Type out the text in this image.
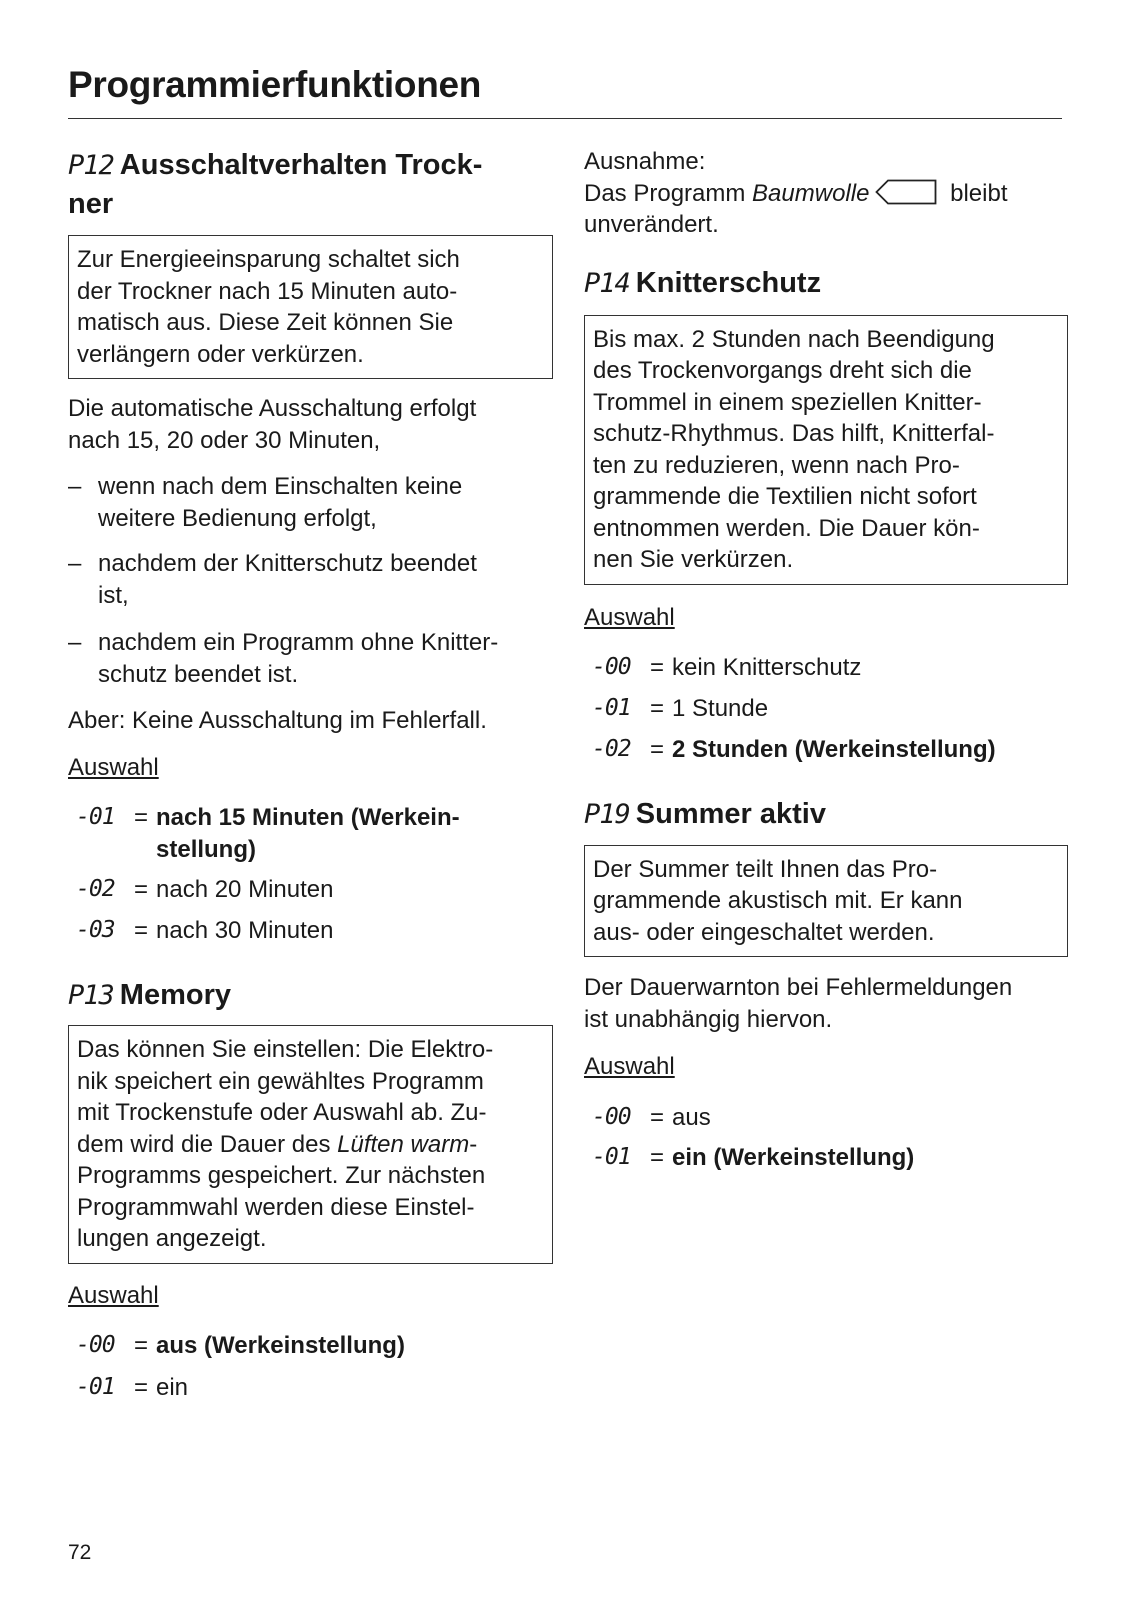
Programmierfunktionen
P12 Ausschaltverhalten Trock-
ner
Zur Energieeinsparung schaltet sich
der Trockner nach 15 Minuten auto-
matisch aus. Diese Zeit können Sie
verlängern oder verkürzen.
Die automatische Ausschaltung erfolgt
nach 15, 20 oder 30 Minuten,
– wenn nach dem Einschalten keine
weitere Bedienung erfolgt,
– nachdem der Knitterschutz beendet
ist,
– nachdem ein Programm ohne Knitter-
schutz beendet ist.
Aber: Keine Ausschaltung im Fehlerfall.
Auswahl
-01 = nach 15 Minuten (Werkein-
stellung)
-02 = nach 20 Minuten
-03 = nach 30 Minuten
P13 Memory
Das können Sie einstellen: Die Elektro-
nik speichert ein gewähltes Programm
mit Trockenstufe oder Auswahl ab. Zu-
dem wird die Dauer des Lüften warm-
Programms gespeichert. Zur nächsten
Programmwahl werden diese Einstel-
lungen angezeigt.
Auswahl
-00 = aus (Werkeinstellung)
-01 = ein
Ausnahme:
Das Programm Baumwolle	bleibt
unverändert.
P14 Knitterschutz
Bis max. 2 Stunden nach Beendigung
des Trockenvorgangs dreht sich die
Trommel in einem speziellen Knitter-
schutz-Rhythmus. Das hilft, Knitterfal-
ten zu reduzieren, wenn nach Pro-
grammende die Textilien nicht sofort
entnommen werden. Die Dauer kön-
nen Sie verkürzen.
Auswahl
-00 = kein Knitterschutz
-01 = 1 Stunde
-02 = 2 Stunden (Werkeinstellung)
P19 Summer aktiv
Der Summer teilt Ihnen das Pro-
grammende akustisch mit. Er kann
aus- oder eingeschaltet werden.
Der Dauerwarnton bei Fehlermeldungen
ist unabhängig hiervon.
Auswahl
-00 = aus
-01 = ein (Werkeinstellung)
72
